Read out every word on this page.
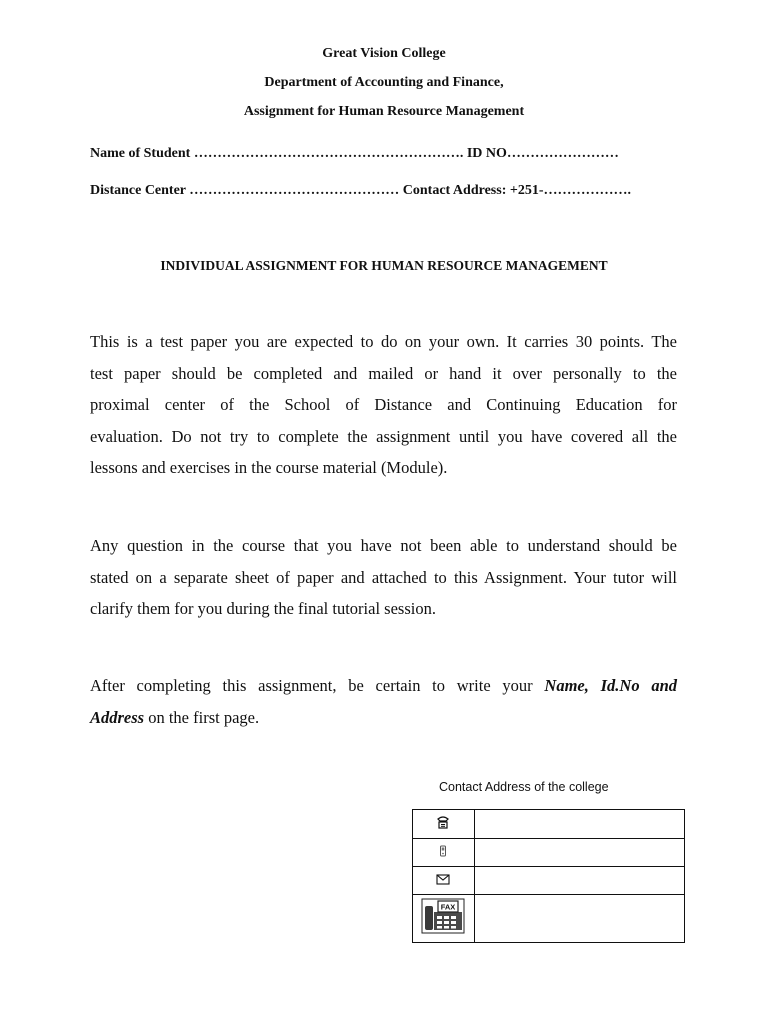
Great Vision College
Department of Accounting and Finance,
Assignment for Human Resource Management
Name of Student …………………………………………………. ID NO……………………
Distance Center ……………………………………… Contact Address: +251-……………….
INDIVIDUAL ASSIGNMENT FOR HUMAN RESOURCE MANAGEMENT
This is a test paper you are expected to do on your own. It carries 30 points. The
test paper should be completed and mailed or hand it over personally to the
proximal center of the School of Distance and Continuing Education for
evaluation. Do not try to complete the assignment until you have covered all the
lessons and exercises in the course material (Module).
Any question in the course that you have not been able to understand should be
stated on a separate sheet of paper and attached to this Assignment. Your tutor will
clarify them for you during the final tutorial session.
After completing this assignment, be certain to write your Name, Id.No and
Address on the first page.
Contact Address of the college

FAX	
